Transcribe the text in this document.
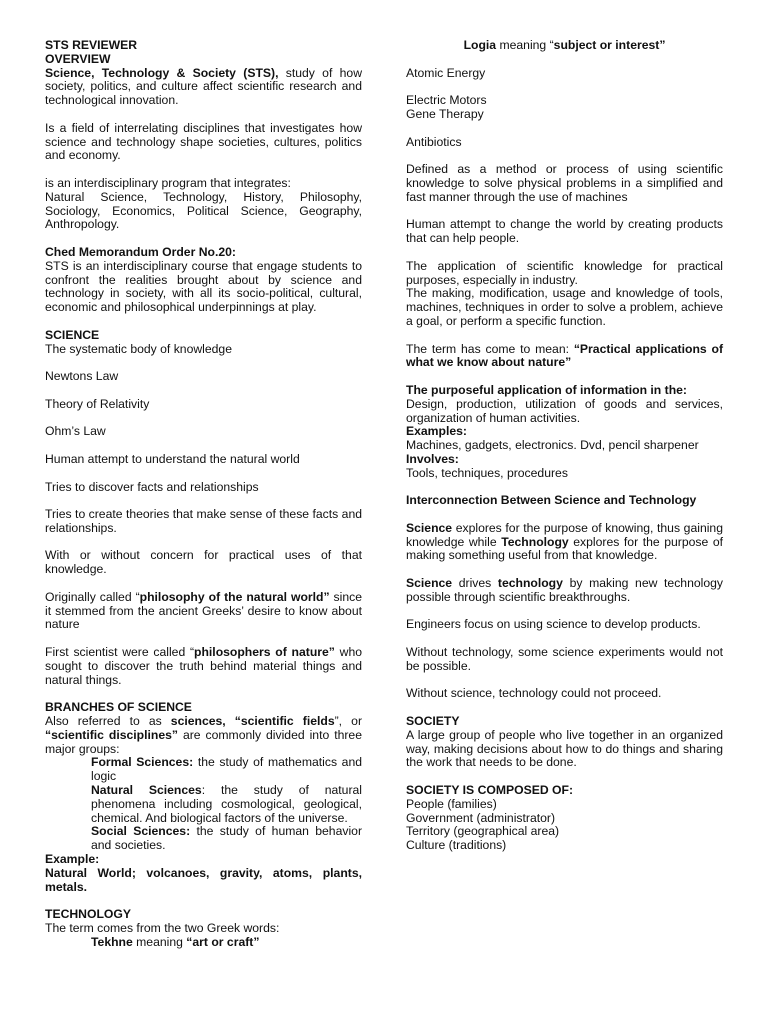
STS REVIEWER

OVERVIEW

Science, Technology & Society (STS), study of how society, politics, and culture affect scientific research and technological innovation.

Is a field of interrelating disciplines that investigates how science and technology shape societies, cultures, politics and economy.

is an interdisciplinary program that integrates:

Natural Science, Technology, History, Philosophy, Sociology, Economics, Political Science, Geography, Anthropology.

Ched Memorandum Order No.20:

STS is an interdisciplinary course that engage students to confront the realities brought about by science and technology in society, with all its socio-political, cultural, economic and philosophical underpinnings at play.

SCIENCE

The systematic body of knowledge

Newtons Law

Theory of Relativity

Ohm’s Law

Human attempt to understand the natural world

Tries to discover facts and relationships

Tries to create theories that make sense of these facts and relationships.

With or without concern for practical uses of that knowledge.

Originally called “philosophy of the natural world” since it stemmed from the ancient Greeks’ desire to know about nature

First scientist were called “philosophers of nature” who sought to discover the truth behind material things and natural things.

BRANCHES OF SCIENCE

Also referred to as sciences, “scientific fields”, or “scientific disciplines” are commonly divided into three major groups:

Formal Sciences: the study of mathematics and logic

Natural Sciences: the study of natural phenomena including cosmological, geological, chemical. And biological factors of the universe.

Social Sciences: the study of human behavior and societies.

Example:

Natural World; volcanoes, gravity, atoms, plants, metals.

TECHNOLOGY

The term comes from the two Greek words:

Tekhne meaning “art or craft”

Logia meaning “subject or interest”

Atomic Energy

Electric Motors

Gene Therapy

Antibiotics

Defined as a method or process of using scientific knowledge to solve physical problems in a simplified and fast manner through the use of machines

Human attempt to change the world by creating products that can help people.

The application of scientific knowledge for practical purposes, especially in industry.

The making, modification, usage and knowledge of tools, machines, techniques in order to solve a problem, achieve a goal, or perform a specific function.

The term has come to mean: “Practical applications of what we know about nature”

The purposeful application of information in the:

Design, production, utilization of goods and services, organization of human activities.

Examples:

Machines, gadgets, electronics. Dvd, pencil sharpener

Involves:

Tools, techniques, procedures

Interconnection Between Science and Technology

Science explores for the purpose of knowing, thus gaining knowledge while Technology explores for the purpose of making something useful from that knowledge.

Science drives technology by making new technology possible through scientific breakthroughs.

Engineers focus on using science to develop products.

Without technology, some science experiments would not be possible.

Without science, technology could not proceed.

SOCIETY

A large group of people who live together in an organized way, making decisions about how to do things and sharing the work that needs to be done.

SOCIETY IS COMPOSED OF:

People (families)

Government (administrator)

Territory (geographical area)

Culture (traditions)
